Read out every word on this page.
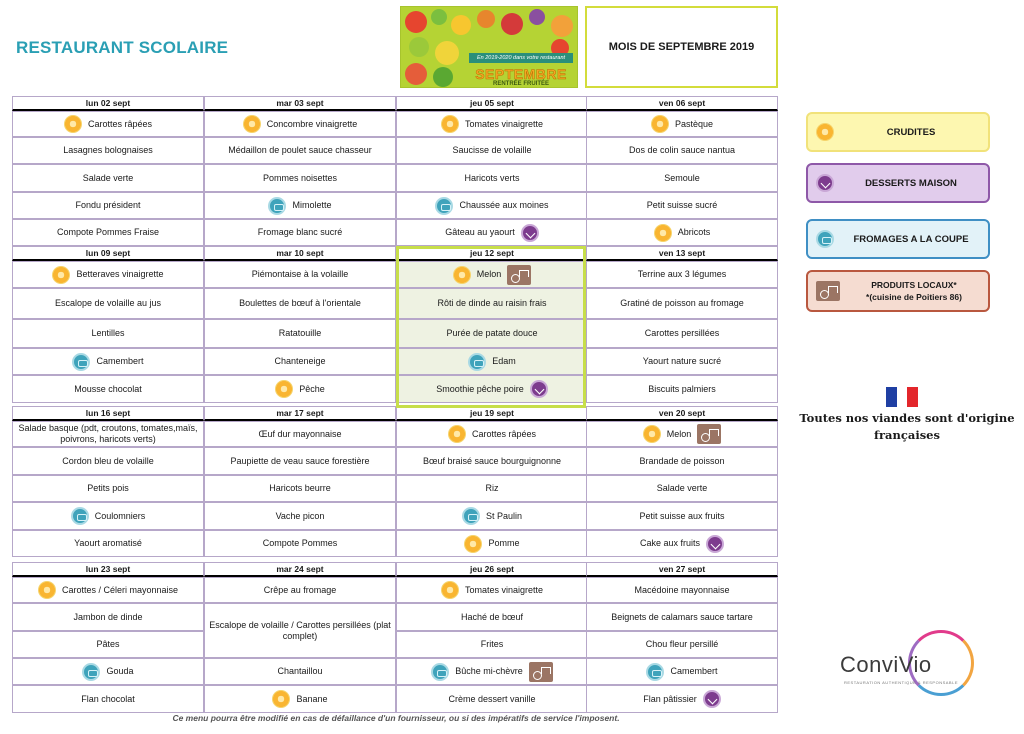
RESTAURANT SCOLAIRE
En 2019-2020 dans votre restaurant
SEPTEMBRE
RENTRÉE FRUITÉE
MOIS DE SEPTEMBRE 2019
lun 02 sept
Carottes râpées
Lasagnes bolognaises
Salade verte
Fondu président
Compote Pommes Fraise
mar 03 sept
Concombre vinaigrette
Médaillon de poulet sauce chasseur
Pommes noisettes
Mimolette
Fromage blanc sucré
jeu 05 sept
Tomates vinaigrette
Saucisse de volaille
Haricots verts
Chaussée aux moines
Gâteau au yaourt
ven 06 sept
Pastèque
Dos de colin sauce nantua
Semoule
Petit suisse sucré
Abricots
lun 09 sept
Betteraves vinaigrette
Escalope de volaille au jus
Lentilles
Camembert
Mousse chocolat
mar 10 sept
Piémontaise à la volaille
Boulettes de bœuf à l'orientale
Ratatouille
Chanteneige
Pêche
jeu 12 sept
Melon
Rôti de dinde au raisin frais
Purée de patate douce
Edam
Smoothie pêche poire
ven 13 sept
Terrine aux 3 légumes
Gratiné de poisson au fromage
Carottes persillées
Yaourt nature sucré
Biscuits palmiers
lun 16 sept
Salade basque (pdt, croutons, tomates,maïs, poivrons, haricots verts)
Cordon bleu de volaille
Petits pois
Coulomniers
Yaourt aromatisé
mar 17 sept
Œuf dur mayonnaise
Paupiette de veau sauce forestière
Haricots beurre
Vache picon
Compote Pommes
jeu 19 sept
Carottes râpées
Bœuf braisé sauce bourguignonne
Riz
St Paulin
Pomme
ven 20 sept
Melon
Brandade de poisson
Salade verte
Petit suisse aux fruits
Cake aux fruits
lun 23 sept
Carottes / Céleri mayonnaise
Jambon de dinde
Pâtes
Gouda
Flan chocolat
mar 24 sept
Crêpe au fromage
Escalope de volaille / Carottes persillées (plat complet)
Chantaillou
Banane
jeu 26 sept
Tomates vinaigrette
Haché de bœuf
Frites
Bûche mi-chèvre
Crème dessert vanille
ven 27 sept
Macédoine mayonnaise
Beignets de calamars sauce tartare
Chou fleur persillé
Camembert
Flan pâtissier
CRUDITES
DESSERTS MAISON
FROMAGES A LA COUPE
PRODUITS LOCAUX*
*(cuisine de Poitiers 86)
Toutes nos viandes sont d'origine françaises
ConviVio
RESTAURATION AUTHENTIQUE & RESPONSABLE
Ce menu pourra être modifié en cas de défaillance d'un fournisseur, ou si des impératifs de service l'imposent.
